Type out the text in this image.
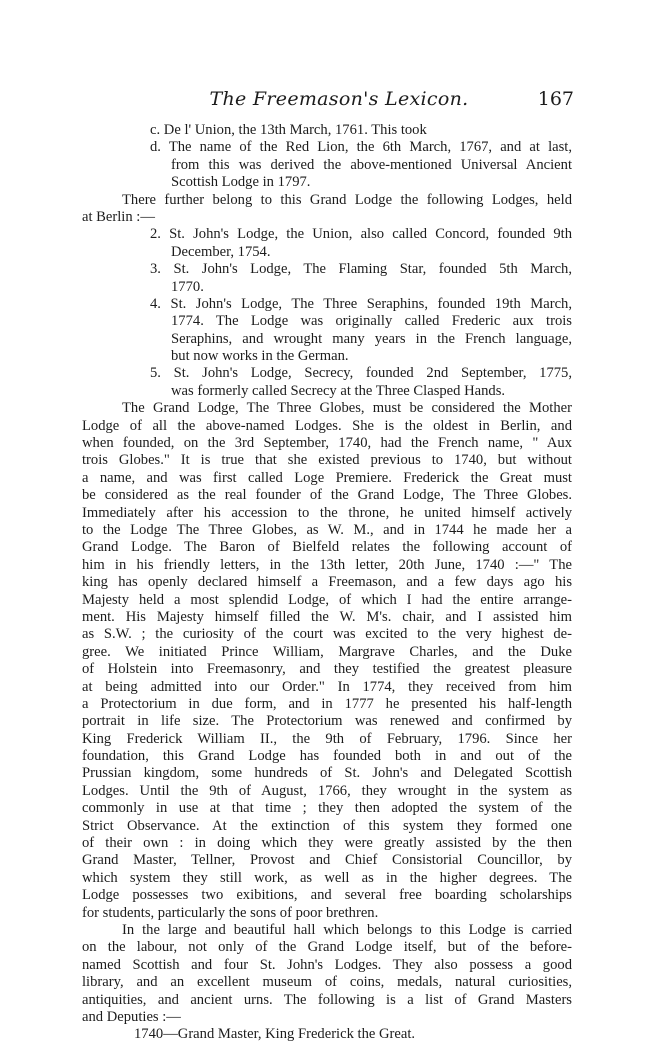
The Freemason's Lexicon.	167
c. De l' Union, the 13th March, 1761. This took
d. The name of the Red Lion, the 6th March, 1767, and at last,
from this was derived the above-mentioned Universal Ancient
Scottish Lodge in 1797.
There further belong to this Grand Lodge the following Lodges, held
at Berlin :—
2. St. John's Lodge, the Union, also called Concord, founded 9th
December, 1754.
3. St. John's Lodge, The Flaming Star, founded 5th March,
1770.
4. St. John's Lodge, The Three Seraphins, founded 19th March,
1774. The Lodge was originally called Frederic aux trois
Seraphins, and wrought many years in the French language,
but now works in the German.
5. St. John's Lodge, Secrecy, founded 2nd September, 1775,
was formerly called Secrecy at the Three Clasped Hands.
The Grand Lodge, The Three Globes, must be considered the Mother
Lodge of all the above-named Lodges. She is the oldest in Berlin, and
when founded, on the 3rd September, 1740, had the French name, " Aux
trois Globes." It is true that she existed previous to 1740, but without
a name, and was first called Loge Premiere. Frederick the Great must
be considered as the real founder of the Grand Lodge, The Three Globes.
Immediately after his accession to the throne, he united himself actively
to the Lodge The Three Globes, as W. M., and in 1744 he made her a
Grand Lodge. The Baron of Bielfeld relates the following account of
him in his friendly letters, in the 13th letter, 20th June, 1740 :—" The
king has openly declared himself a Freemason, and a few days ago his
Majesty held a most splendid Lodge, of which I had the entire arrange-
ment. His Majesty himself filled the W. M's. chair, and I assisted him
as S.W. ; the curiosity of the court was excited to the very highest de-
gree. We initiated Prince William, Margrave Charles, and the Duke
of Holstein into Freemasonry, and they testified the greatest pleasure
at being admitted into our Order." In 1774, they received from him
a Protectorium in due form, and in 1777 he presented his half-length
portrait in life size. The Protectorium was renewed and confirmed by
King Frederick William II., the 9th of February, 1796. Since her
foundation, this Grand Lodge has founded both in and out of the
Prussian kingdom, some hundreds of St. John's and Delegated Scottish
Lodges. Until the 9th of August, 1766, they wrought in the system as
commonly in use at that time ; they then adopted the system of the
Strict Observance. At the extinction of this system they formed one
of their own : in doing which they were greatly assisted by the then
Grand Master, Tellner, Provost and Chief Consistorial Councillor, by
which system they still work, as well as in the higher degrees. The
Lodge possesses two exibitions, and several free boarding scholarships
for students, particularly the sons of poor brethren.
In the large and beautiful hall which belongs to this Lodge is carried
on the labour, not only of the Grand Lodge itself, but of the before-
named Scottish and four St. John's Lodges. They also possess a good
library, and an excellent museum of coins, medals, natural curiosities,
antiquities, and ancient urns. The following is a list of Grand Masters
and Deputies :—
1740—Grand Master, King Frederick the Great.
